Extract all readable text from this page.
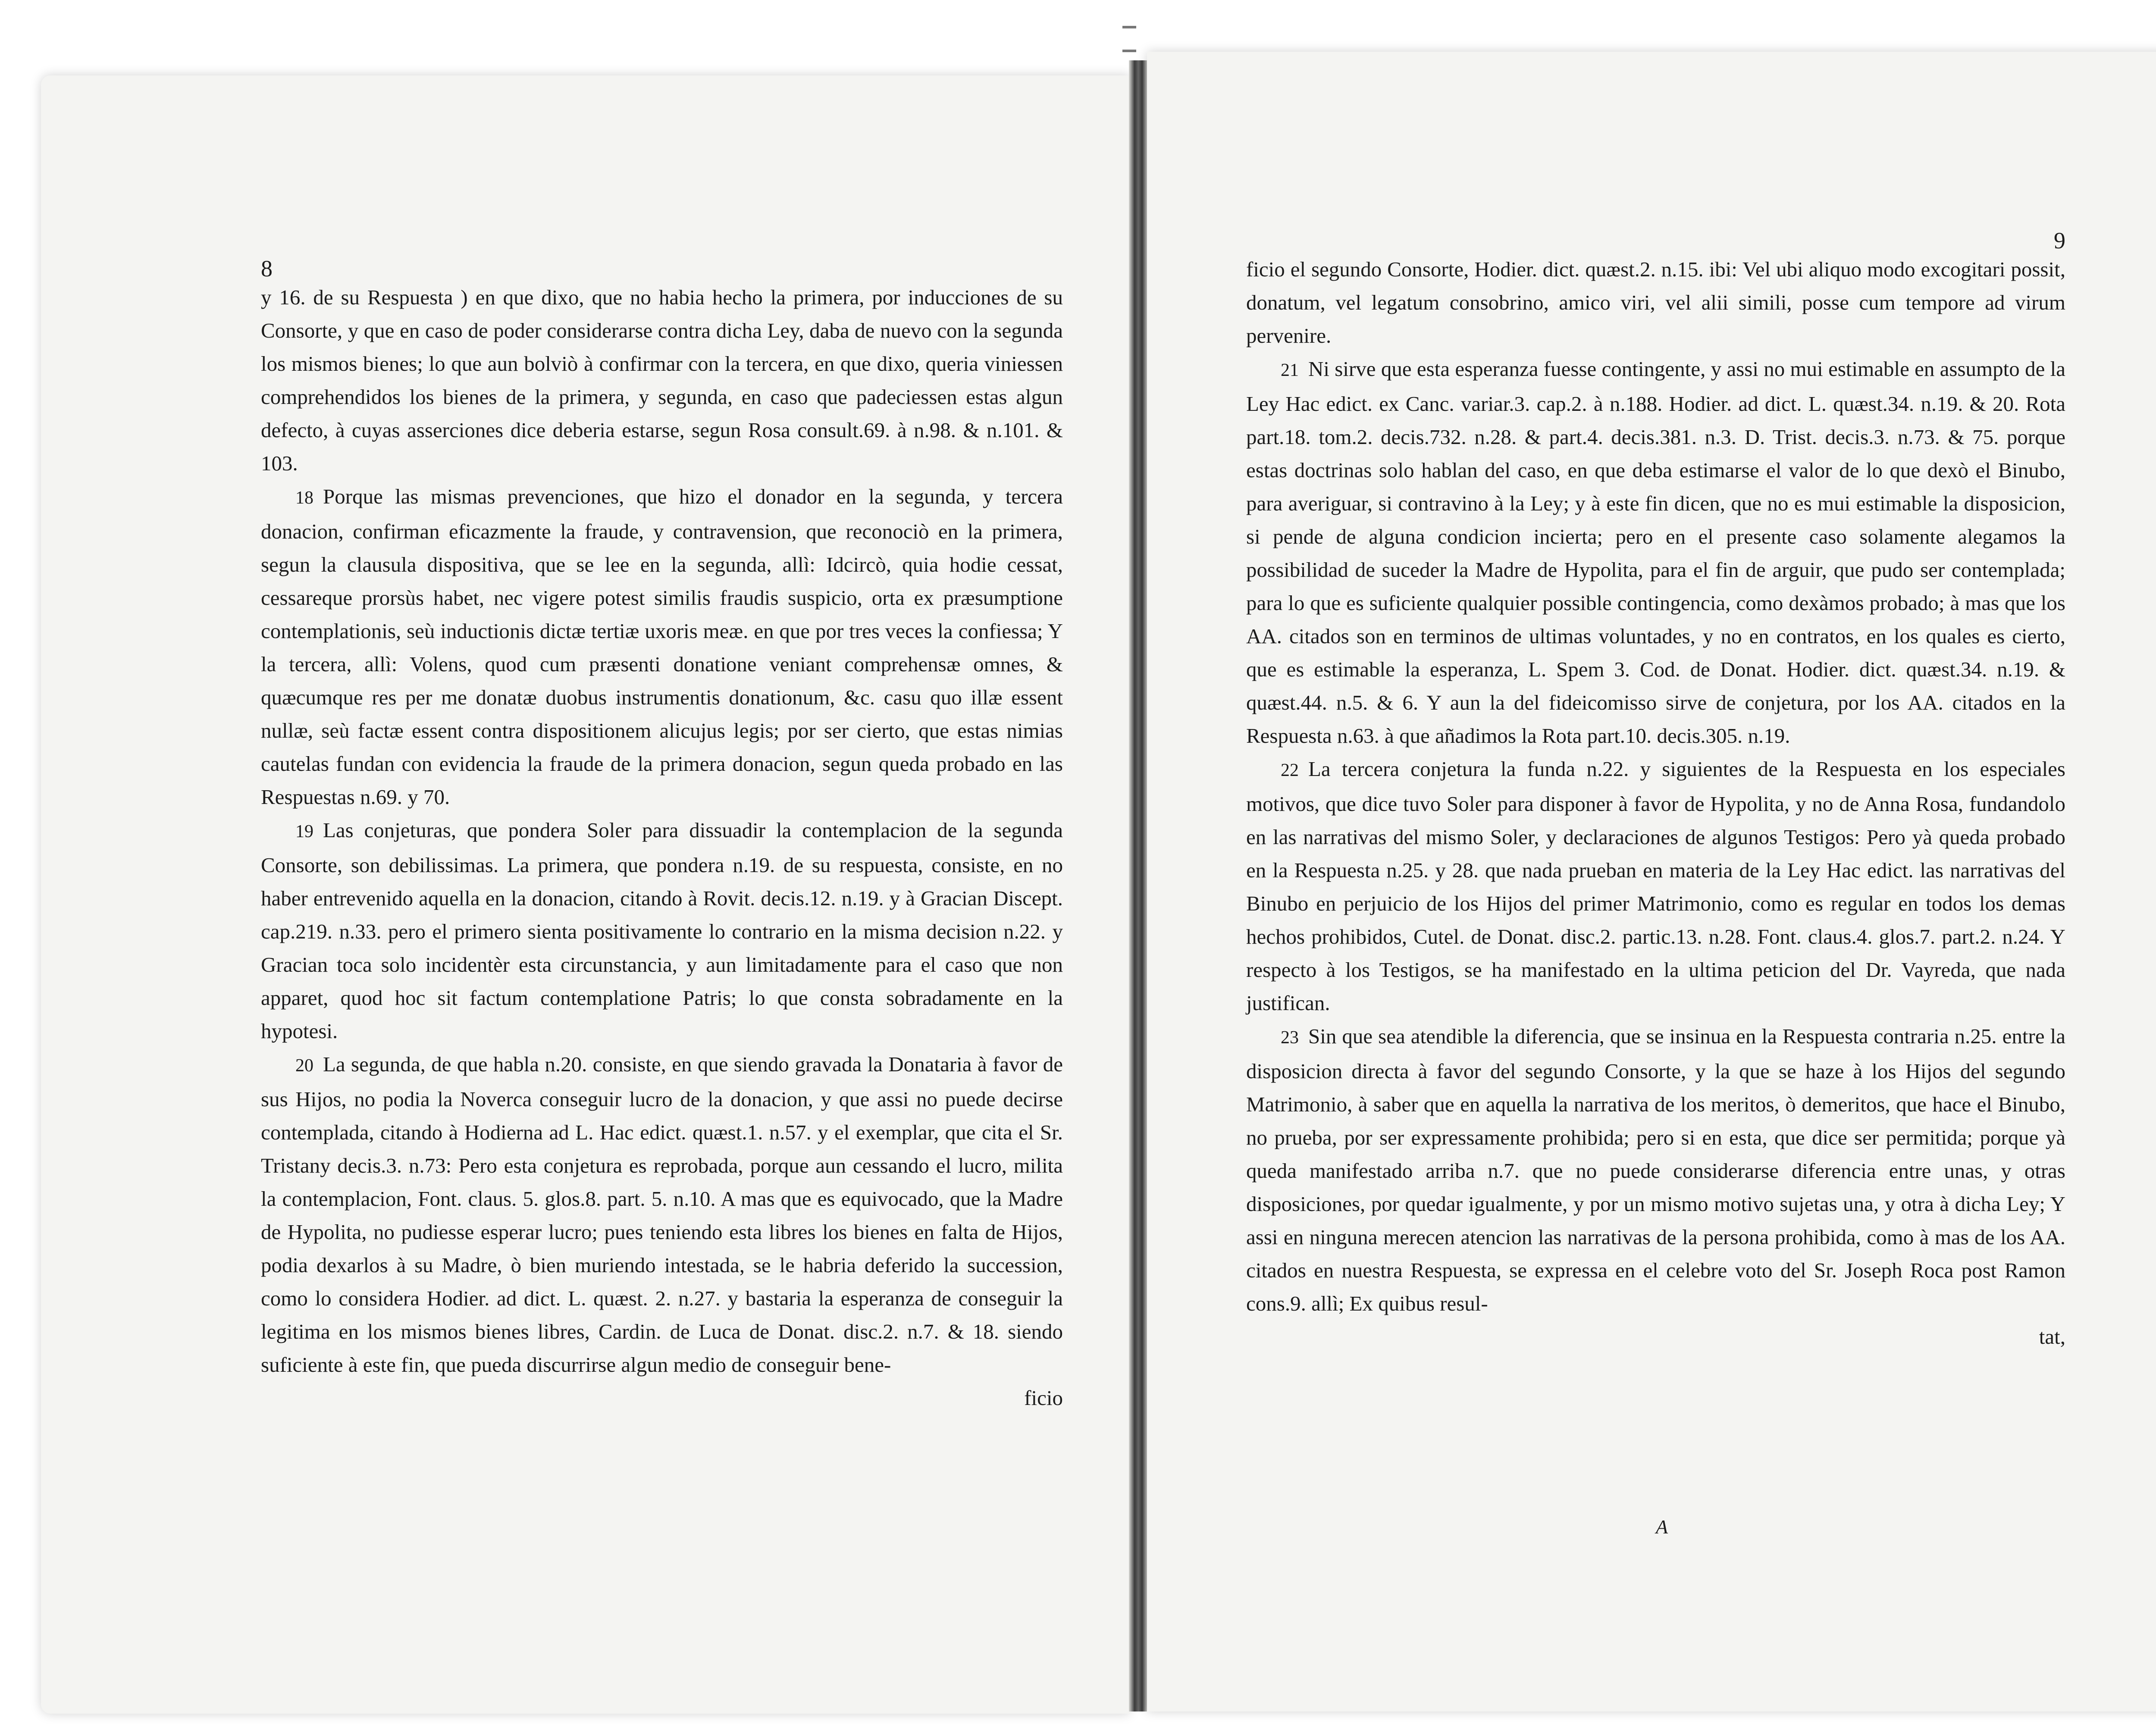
8

y 16. de su Respuesta ) en que dixo, que no habia hecho la primera, por inducciones de su Consorte, y que en caso de poder considerarse contra dicha Ley, daba de nuevo con la segunda los mismos bienes; lo que aun bolviò à confirmar con la tercera, en que dixo, queria viniessen comprehendidos los bienes de la primera, y segunda, en caso que padeciessen estas algun defecto, à cuyas asserciones dice deberia estarse, segun Rosa consult.69. à n.98. & n.101. & 103.

18 Porque las mismas prevenciones, que hizo el donador en la segunda, y tercera donacion, confirman eficazmente la fraude, y contravension, que reconociò en la primera, segun la clausula dispositiva, que se lee en la segunda, allì: Idcircò, quia hodie cessat, cessareque prorsùs habet, nec vigere potest similis fraudis suspicio, orta ex præsumptione contemplationis, seù inductionis dictæ tertiæ uxoris meæ. en que por tres veces la confiessa; Y la tercera, allì: Volens, quod cum præsenti donatione veniant comprehensæ omnes, & quæcumque res per me donatæ duobus instrumentis donationum, &c. casu quo illæ essent nullæ, seù factæ essent contra dispositionem alicujus legis; por ser cierto, que estas nimias cautelas fundan con evidencia la fraude de la primera donacion, segun queda probado en las Respuestas n.69. y 70.

19 Las conjeturas, que pondera Soler para dissuadir la contemplacion de la segunda Consorte, son debilissimas. La primera, que pondera n.19. de su respuesta, consiste, en no haber entrevenido aquella en la donacion, citando à Rovit. decis.12. n.19. y à Gracian Discept. cap.219. n.33. pero el primero sienta positivamente lo contrario en la misma decision n.22. y Gracian toca solo incidentèr esta circunstancia, y aun limitadamente para el caso que non apparet, quod hoc sit factum contemplatione Patris; lo que consta sobradamente en la hypotesi.

20 La segunda, de que habla n.20. consiste, en que siendo gravada la Donataria à favor de sus Hijos, no podia la Noverca conseguir lucro de la donacion, y que assi no puede decirse contemplada, citando à Hodierna ad L. Hac edict. quæst.1. n.57. y el exemplar, que cita el Sr. Tristany decis.3. n.73: Pero esta conjetura es reprobada, porque aun cessando el lucro, milita la contemplacion, Font. claus. 5. glos.8. part. 5. n.10. A mas que es equivocado, que la Madre de Hypolita, no pudiesse esperar lucro; pues teniendo esta libres los bienes en falta de Hijos, podia dexarlos à su Madre, ò bien muriendo intestada, se le habria deferido la succession, como lo considera Hodier. ad dict. L. quæst. 2. n.27. y bastaria la esperanza de conseguir la legitima en los mismos bienes libres, Cardin. de Luca de Donat. disc.2. n.7. & 18. siendo suficiente à este fin, que pueda discurrirse algun medio de conseguir bene-

ficio

9

ficio el segundo Consorte, Hodier. dict. quæst.2. n.15. ibi: Vel ubi aliquo modo excogitari possit, donatum, vel legatum consobrino, amico viri, vel alii simili, posse cum tempore ad virum pervenire.

21 Ni sirve que esta esperanza fuesse contingente, y assi no mui estimable en assumpto de la Ley Hac edict. ex Canc. variar.3. cap.2. à n.188. Hodier. ad dict. L. quæst.34. n.19. & 20. Rota part.18. tom.2. decis.732. n.28. & part.4. decis.381. n.3. D. Trist. decis.3. n.73. & 75. porque estas doctrinas solo hablan del caso, en que deba estimarse el valor de lo que dexò el Binubo, para averiguar, si contravino à la Ley; y à este fin dicen, que no es mui estimable la disposicion, si pende de alguna condicion incierta; pero en el presente caso solamente alegamos la possibilidad de suceder la Madre de Hypolita, para el fin de arguir, que pudo ser contemplada; para lo que es suficiente qualquier possible contingencia, como dexàmos probado; à mas que los AA. citados son en terminos de ultimas voluntades, y no en contratos, en los quales es cierto, que es estimable la esperanza, L. Spem 3. Cod. de Donat. Hodier. dict. quæst.34. n.19. & quæst.44. n.5. & 6. Y aun la del fideicomisso sirve de conjetura, por los AA. citados en la Respuesta n.63. à que añadimos la Rota part.10. decis.305. n.19.

22 La tercera conjetura la funda n.22. y siguientes de la Respuesta en los especiales motivos, que dice tuvo Soler para disponer à favor de Hypolita, y no de Anna Rosa, fundandolo en las narrativas del mismo Soler, y declaraciones de algunos Testigos: Pero yà queda probado en la Respuesta n.25. y 28. que nada prueban en materia de la Ley Hac edict. las narrativas del Binubo en perjuicio de los Hijos del primer Matrimonio, como es regular en todos los demas hechos prohibidos, Cutel. de Donat. disc.2. partic.13. n.28. Font. claus.4. glos.7. part.2. n.24. Y respecto à los Testigos, se ha manifestado en la ultima peticion del Dr. Vayreda, que nada justifican.

23 Sin que sea atendible la diferencia, que se insinua en la Respuesta contraria n.25. entre la disposicion directa à favor del segundo Consorte, y la que se haze à los Hijos del segundo Matrimonio, à saber que en aquella la narrativa de los meritos, ò demeritos, que hace el Binubo, no prueba, por ser expressamente prohibida; pero si en esta, que dice ser permitida; porque yà queda manifestado arriba n.7. que no puede considerarse diferencia entre unas, y otras disposiciones, por quedar igualmente, y por un mismo motivo sujetas una, y otra à dicha Ley; Y assi en ninguna merecen atencion las narrativas de la persona prohibida, como à mas de los AA. citados en nuestra Respuesta, se expressa en el celebre voto del Sr. Joseph Roca post Ramon cons.9. allì; Ex quibus resul-

tat,

A
